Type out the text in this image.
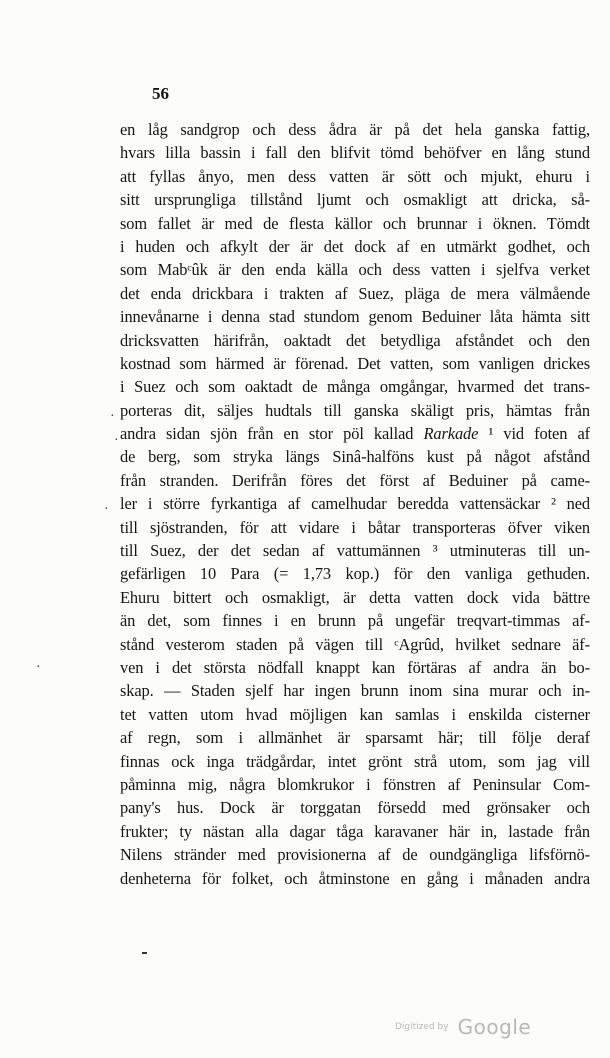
56
en låg sandgrop och dess ådra är på det hela ganska fattig,
hvars lilla bassin i fall den blifvit tömd behöfver en lång stund
att fyllas ånyo, men dess vatten är sött och mjukt, ehuru i
sitt ursprungliga tillstånd ljumt och osmakligt att dricka, så-
som fallet är med de flesta källor och brunnar i öknen. Tömdt
i huden och afkylt der är det dock af en utmärkt godhet, och
som Mabᶜûk är den enda källa och dess vatten i sjelfva verket
det enda drickbara i trakten af Suez, pläga de mera välmående
innevånarne i denna stad stundom genom Beduiner låta hämta sitt
dricksvatten härifrån, oaktadt det betydliga afståndet och den
kostnad som härmed är förenad. Det vatten, som vanligen drickes
i Suez och som oaktadt de många omgångar, hvarmed det trans-
porteras dit, säljes hudtals till ganska skäligt pris, hämtas från
andra sidan sjön från en stor pöl kallad Rarkade ¹ vid foten af
de berg, som stryka längs Sinâ-halföns kust på något afstånd
från stranden. Derifrån föres det först af Beduiner på came-
ler i större fyrkantiga af camelhudar beredda vattensäckar ² ned
till sjöstranden, för att vidare i båtar transporteras öfver viken
till Suez, der det sedan af vattumännen ³ utminuteras till un-
gefärligen 10 Para (= 1,73 kop.) för den vanliga gethuden.
Ehuru bittert och osmakligt, är detta vatten dock vida bättre
än det, som finnes i en brunn på ungefär treqvart-timmas af-
stånd vesterom staden på vägen till ᶜAgrûd, hvilket sednare äf-
ven i det största nödfall knappt kan förtäras af andra än bo-
skap. — Staden sjelf har ingen brunn inom sina murar och in-
tet vatten utom hvad möjligen kan samlas i enskilda cisterner
af regn, som i allmänhet är sparsamt här; till följe deraf
finnas ock inga trädgårdar, intet grönt strå utom, som jag vill
påminna mig, några blomkrukor i fönstren af Peninsular Com-
pany's hus. Dock är torggatan försedd med grönsaker och
frukter; ty nästan alla dagar tåga karavaner här in, lastade från
Nilens stränder med provisionerna af de oundgängliga lifsförnö-
denheterna för folket, och åtminstone en gång i månaden andra
·
·
·
·
Digitized by Google
